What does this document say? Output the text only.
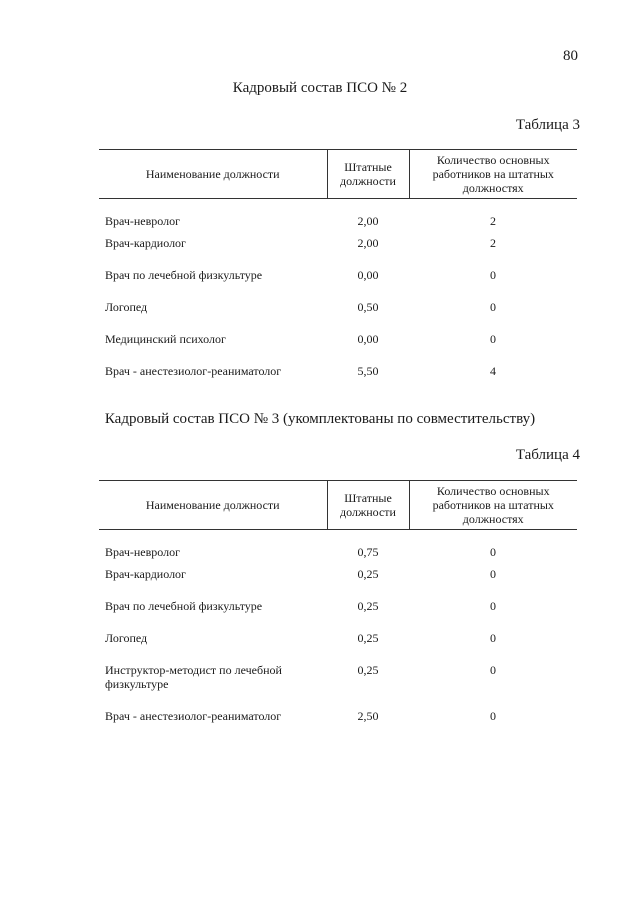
80
Кадровый состав ПСО № 2
Таблица 3
Наименование должности	Штатные должности	Количество основных работников на штатных должностях
Врач-невролог	2,00	2
Врач-кардиолог	2,00	2
Врач по лечебной физкультуре	0,00	0
Логопед	0,50	0
Медицинский психолог	0,00	0
Врач - анестезиолог-реаниматолог	5,50	4
Кадровый состав ПСО № 3 (укомплектованы по совместительству)
Таблица 4
Наименование должности	Штатные должности	Количество основных работников на штатных должностях
Врач-невролог	0,75	0
Врач-кардиолог	0,25	0
Врач по лечебной физкультуре	0,25	0
Логопед	0,25	0
Инструктор-методист по лечебной физкультуре	0,25	0
Врач - анестезиолог-реаниматолог	2,50	0
